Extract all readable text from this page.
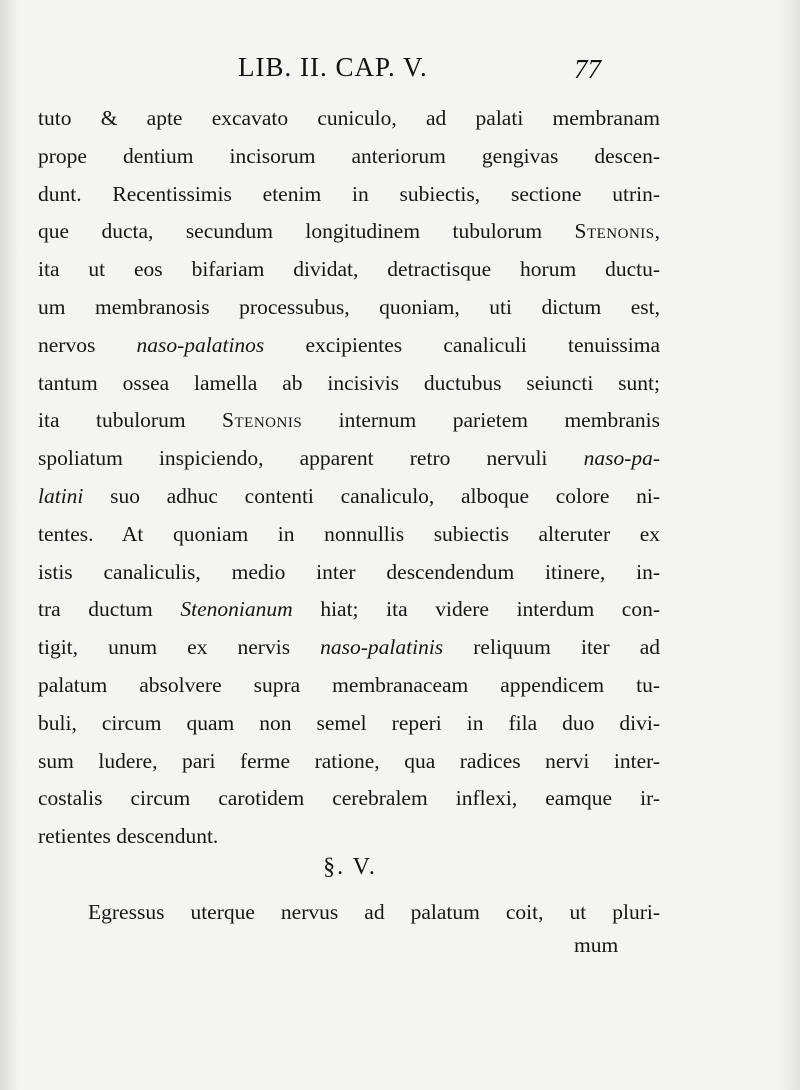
LIB. II. CAP. V.	77
tuto & apte excavato cuniculo, ad palati membranam
prope dentium incisorum anteriorum gengivas descen-
dunt. Recentissimis etenim in subiectis, sectione utrin-
que ducta, secundum longitudinem tubulorum Stenonis,
ita ut eos bifariam dividat, detractisque horum ductu-
um membranosis processubus, quoniam, uti dictum est,
nervos naso-palatinos excipientes canaliculi tenuissima
tantum ossea lamella ab incisivis ductubus seiuncti sunt;
ita tubulorum Stenonis internum parietem membranis
spoliatum inspiciendo, apparent retro nervuli naso-pa-
latini suo adhuc contenti canaliculo, alboque colore ni-
tentes. At quoniam in nonnullis subiectis alteruter ex
istis canaliculis, medio inter descendendum itinere, in-
tra ductum Stenonianum hiat; ita videre interdum con-
tigit, unum ex nervis naso-palatinis reliquum iter ad
palatum absolvere supra membranaceam appendicem tu-
buli, circum quam non semel reperi in fila duo divi-
sum ludere, pari ferme ratione, qua radices nervi inter-
costalis circum carotidem cerebralem inflexi, eamque ir-
retientes descendunt.
§. V.
Egressus uterque nervus ad palatum coit, ut pluri-
mum
